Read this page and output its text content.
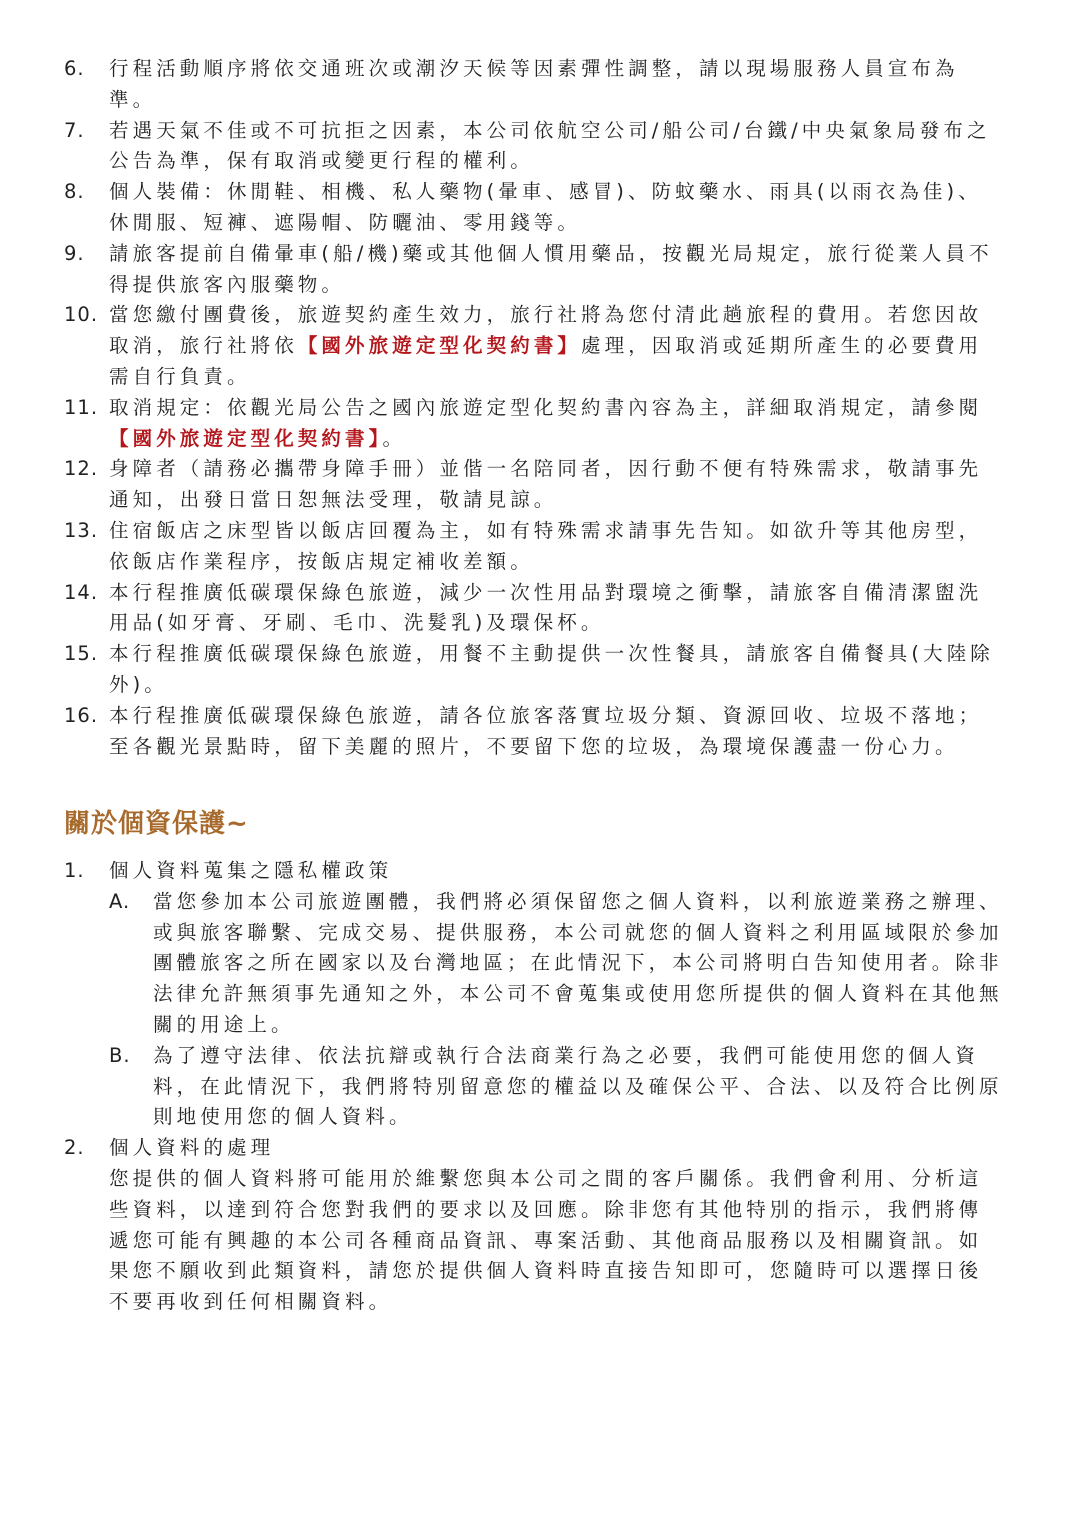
6. 行程活動順序將依交通班次或潮汐天候等因素彈性調整，請以現場服務人員宣布為準。
7. 若遇天氣不佳或不可抗拒之因素，本公司依航空公司/船公司/台鐵/中央氣象局發布之公告為準，保有取消或變更行程的權利。
8. 個人裝備：休閒鞋、相機、私人藥物(暈車、感冒)、防蚊藥水、雨具(以雨衣為佳)、休閒服、短褲、遮陽帽、防曬油、零用錢等。
9. 請旅客提前自備暈車(船/機)藥或其他個人慣用藥品，按觀光局規定，旅行從業人員不得提供旅客內服藥物。
10. 當您繳付團費後，旅遊契約產生效力，旅行社將為您付清此趟旅程的費用。若您因故取消，旅行社將依【國外旅遊定型化契約書】處理，因取消或延期所產生的必要費用需自行負責。
11. 取消規定：依觀光局公告之國內旅遊定型化契約書內容為主，詳細取消規定，請參閱【國外旅遊定型化契約書】。
12. 身障者（請務必攜帶身障手冊）並偕一名陪同者，因行動不便有特殊需求，敬請事先通知，出發日當日恕無法受理，敬請見諒。
13. 住宿飯店之床型皆以飯店回覆為主，如有特殊需求請事先告知。如欲升等其他房型，依飯店作業程序，按飯店規定補收差額。
14. 本行程推廣低碳環保綠色旅遊，減少一次性用品對環境之衝擊，請旅客自備清潔盥洗用品(如牙膏、牙刷、毛巾、洗髮乳)及環保杯。
15. 本行程推廣低碳環保綠色旅遊，用餐不主動提供一次性餐具，請旅客自備餐具(大陸除外)。
16. 本行程推廣低碳環保綠色旅遊，請各位旅客落實垃圾分類、資源回收、垃圾不落地；至各觀光景點時，留下美麗的照片，不要留下您的垃圾，為環境保護盡一份心力。
關於個資保護~
1. 個人資料蒐集之隱私權政策
A. 當您參加本公司旅遊團體，我們將必須保留您之個人資料，以利旅遊業務之辦理、或與旅客聯繫、完成交易、提供服務，本公司就您的個人資料之利用區域限於參加團體旅客之所在國家以及台灣地區；在此情況下，本公司將明白告知使用者。除非法律允許無須事先通知之外，本公司不會蒐集或使用您所提供的個人資料在其他無關的用途上。
B. 為了遵守法律、依法抗辯或執行合法商業行為之必要，我們可能使用您的個人資料，在此情況下，我們將特別留意您的權益以及確保公平、合法、以及符合比例原則地使用您的個人資料。
2. 個人資料的處理
您提供的個人資料將可能用於維繫您與本公司之間的客戶關係。我們會利用、分析這些資料，以達到符合您對我們的要求以及回應。除非您有其他特別的指示，我們將傳遞您可能有興趣的本公司各種商品資訊、專案活動、其他商品服務以及相關資訊。如果您不願收到此類資料，請您於提供個人資料時直接告知即可，您隨時可以選擇日後不要再收到任何相關資料。
